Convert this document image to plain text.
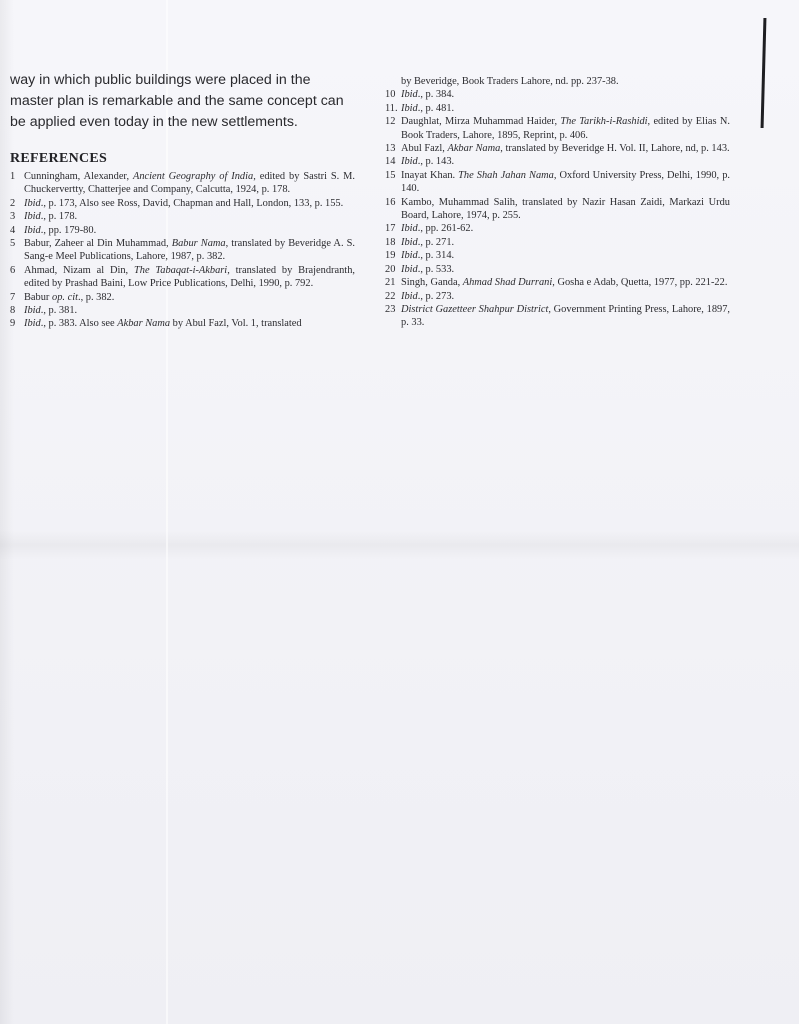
way in which public buildings were placed in the

master plan is remarkable and the same concept can

be applied even today in the new settlements.

REFERENCES
1 Cunningham, Alexander, Ancient Geography of India, edited by Sastri S. M. Chuckervertty, Chatterjee and Company, Calcutta, 1924, p. 178.
2 Ibid., p. 173, Also see Ross, David, Chapman and Hall, London, 133, p. 155.
3 Ibid., p. 178.
4 Ibid., pp. 179-80.
5 Babur, Zaheer al Din Muhammad, Babur Nama, translated by Beveridge A. S. Sang-e Meel Publications, Lahore, 1987, p. 382.
6 Ahmad, Nizam al Din, The Tabaqat-i-Akbari, translated by Brajendranth, edited by Prashad Baini, Low Price Publications, Delhi, 1990, p. 792.
7 Babur op. cit., p. 382.
8 Ibid., p. 381.
9 Ibid., p. 383. Also see Akbar Nama by Abul Fazl, Vol. 1, translated
by Beveridge, Book Traders Lahore, nd. pp. 237-38.
10 Ibid., p. 384.
11. Ibid., p. 481.
12 Daughlat, Mirza Muhammad Haider, The Tarikh-i-Rashidi, edited by Elias N. Book Traders, Lahore, 1895, Reprint, p. 406.
13 Abul Fazl, Akbar Nama, translated by Beveridge H. Vol. II, Lahore, nd, p. 143.
14 Ibid., p. 143.
15 Inayat Khan. The Shah Jahan Nama, Oxford University Press, Delhi, 1990, p. 140.
16 Kambo, Muhammad Salih, translated by Nazir Hasan Zaidi, Markazi Urdu Board, Lahore, 1974, p. 255.
17 Ibid., pp. 261-62.
18 Ibid., p. 271.
19 Ibid., p. 314.
20 Ibid., p. 533.
21 Singh, Ganda, Ahmad Shad Durrani, Gosha e Adab, Quetta, 1977, pp. 221-22.
22 Ibid., p. 273.
23 District Gazetteer Shahpur District, Government Printing Press, Lahore, 1897, p. 33.
